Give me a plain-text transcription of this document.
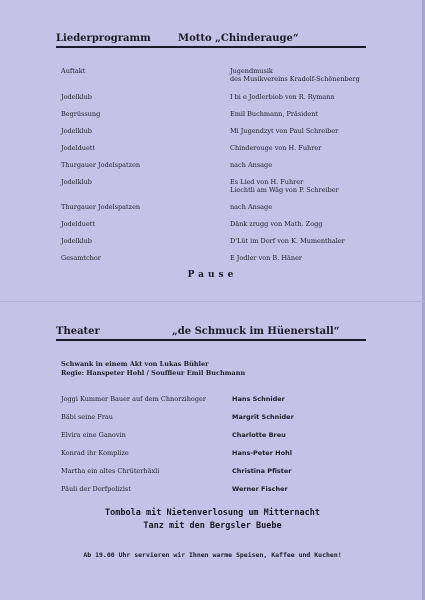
Liederprogramm	Motto „Chinderauge“
Auftakt	Jugendmusik
des Musikvereins Kradolf-Schönenberg
Jodelklub	I bi e Jodlerbiob von R. Rymann
Begrüssung	Emil Buchmann, Präsident
Jodelklub	Mi Jugendzyt von Paul Schreiber
Jodelduett	Chinderouge von H. Fuhrer
Thurgauer Jodelspatzen	nach Ansage
Jodelklub	Es Lied von H. Fuhrer
Liechtli am Wäg von P. Schreiber
Thurgauer Jodelspatzen	nach Ansage
Jodelduett	Dänk zrugg von Math. Zogg
Jodelklub	D'Lüt im Dorf von K. Mumenthaler
Gesamtchor	E Jodler von B. Häner
Pause
Theater	„de Schmuck im Hüenerstall“
Schwank in einem Akt von Lukas Bühler
Regie: Hanspeter Hohl / Souffleur Emil Buchmann
Joggi Kummer Bauer auf dem Chnorzihoger	Hans Schnider
Bäbi seine Frau	Margrit Schnider
Elvira eine Ganovin	Charlotte Breu
Konrad ihr Komplize	Hans-Peter Hohl
Martha ein altes Chrüterhäxli	Christina Pfister
Päuli der Dorfpolizist	Werner Fischer
Tombola mit Nietenverlosung um Mitternacht
Tanz mit den Bergsler Buebe
Ab 19.00 Uhr servieren wir Ihnen warme Speisen, Kaffee und Kuchen!
